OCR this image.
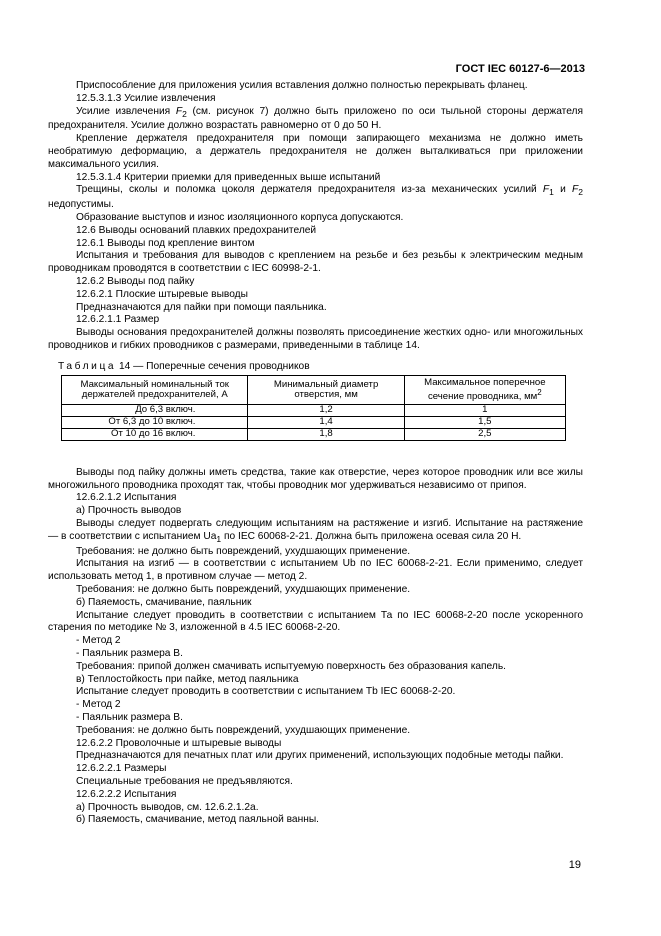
ГОСТ IEC 60127-6—2013

Приспособление для приложения усилия вставления должно полностью перекрывать фланец.

12.5.3.1.3 Усилие извлечения

Усилие извлечения $F_2$ (см. рисунок 7) должно быть приложено по оси тыльной стороны держателя предохранителя. Усилие должно возрастать равномерно от 0 до 50 Н.

Крепление держателя предохранителя при помощи запирающего механизма не должно иметь необратимую деформацию, а держатель предохранителя не должен выталкиваться при приложении максимального усилия.

12.5.3.1.4 Критерии приемки для приведенных выше испытаний

Трещины, сколы и поломка цоколя держателя предохранителя из-за механических усилий $F_1$ и $F_2$ недопустимы.

Образование выступов и износ изоляционного корпуса допускаются.

12.6 Выводы оснований плавких предохранителей

12.6.1 Выводы под крепление винтом

Испытания и требования для выводов с креплением на резьбе и без резьбы к электрическим медным проводникам проводятся в соответствии с IEC 60998-2-1.

12.6.2 Выводы под пайку

12.6.2.1 Плоские штыревые выводы

Предназначаются для пайки при помощи паяльника.

12.6.2.1.1 Размер

Выводы основания предохранителей должны позволять присоединение жестких одно- или многожильных проводников и гибких проводников с размерами, приведенными в таблице 14.

Таблица 14 — Поперечные сечения проводников
Максимальный номинальный ток держателей предохранителей, А	Минимальный диаметр отверстия, мм	Максимальное поперечное сечение проводника, $мм^2$
До 6,3 включ.	1,2	1
От 6,3 до 10 включ.	1,4	1,5
От 10 до 16 включ.	1,8	2,5

Выводы под пайку должны иметь средства, такие как отверстие, через которое проводник или все жилы многожильного проводника проходят так, чтобы проводник мог удерживаться независимо от припоя.

12.6.2.1.2 Испытания

а) Прочность выводов

Выводы следует подвергать следующим испытаниям на растяжение и изгиб. Испытание на растяжение — в соответствии с испытанием $Ua_1$ по IEC 60068-2-21. Должна быть приложена осевая сила 20 Н.

Требования: не должно быть повреждений, ухудшающих применение.

Испытания на изгиб — в соответствии с испытанием Ub по IEC 60068-2-21. Если применимо, следует использовать метод 1, в противном случае — метод 2.

Требования: не должно быть повреждений, ухудшающих применение.

б) Паяемость, смачивание, паяльник

Испытание следует проводить в соответствии с испытанием Та по IEC 60068-2-20 после ускоренного старения по методике № 3, изложенной в 4.5 IEC 60068-2-20.

- Метод 2

- Паяльник размера В.

Требования: припой должен смачивать испытуемую поверхность без образования капель.

в) Теплостойкость при пайке, метод паяльника

Испытание следует проводить в соответствии с испытанием Tb IEC 60068-2-20.

- Метод 2

- Паяльник размера В.

Требования: не должно быть повреждений, ухудшающих применение.

12.6.2.2 Проволочные и штыревые выводы

Предназначаются для печатных плат или других применений, использующих подобные методы пайки.

12.6.2.2.1 Размеры

Специальные требования не предъявляются.

12.6.2.2.2 Испытания

а) Прочность выводов, см. 12.6.2.1.2а.

б) Паяемость, смачивание, метод паяльной ванны.

19
